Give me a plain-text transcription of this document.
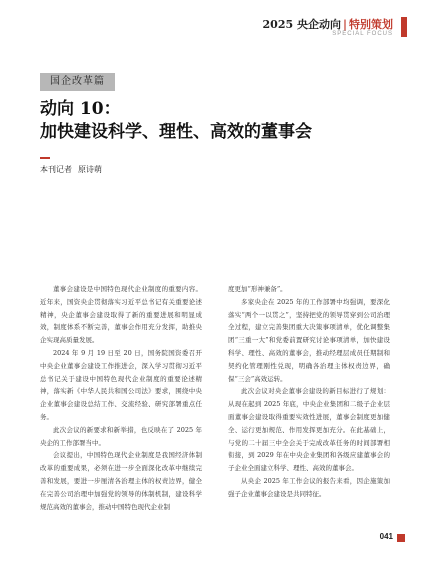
2025 央企动向 | 特别策划
SPECIAL FOCUS
国企改革篇
动向 10：
加快建设科学、理性、高效的董事会
本刊记者 原诗萌

董事会建设是中国特色现代企业制度的重要内容。近年来，国资央企贯彻落实习近平总书记有关重要论述精神，央企董事会建设取得了新的重要进展和明显成效，制度体系不断完善，董事会作用充分发挥，助推央企实现高质量发展。

2024 年 9 月 19 日至 20 日，国务院国资委召开中央企业董事会建设工作推进会，深入学习贯彻习近平总书记关于建设中国特色现代企业制度的重要论述精神，落实新《中华人民共和国公司法》要求，围绕中央企业董事会建设总结工作、交流经验、研究部署重点任务。

此次会议的新要求和新举措，也反映在了 2025 年央企的工作部署当中。

会议提出，中国特色现代企业制度是我国经济体制改革的重要成果，必须在进一步全面深化改革中继续完善和发展，要进一步厘清各治理主体的权责边界，健全在完善公司治理中加强党的领导的体制机制，建设科学规范高效的董事会，推动中国特色现代企业制

度更加“形神兼备”。

多家央企在 2025 年的工作部署中均强调，要深化落实“两个一以贯之”，坚持把党的领导贯穿到公司治理全过程，建立完善集团重大决策事项清单，优化调整集团“三重一大”和党委前置研究讨论事项清单，加快建设科学、理性、高效的董事会，推动经理层成员任期制和契约化管理刚性兑现，明确各治理主体权责边界，确保“三会”高效运转。

此次会议对央企董事会建设的新目标进行了规划：从现在起到 2025 年底，中央企业集团和二级子企业层面董事会建设取得重要实效性进展，董事会制度更加健全、运行更加规范、作用发挥更加充分。在此基础上，与党的二十届三中全会关于完成改革任务的时间部署相衔接，到 2029 年在中央企业集团和各级应建董事会的子企业全面建立科学、理性、高效的董事会。

从央企 2025 年工作会议的报告来看，因企施策加强子企业董事会建设是共同特征。

041
